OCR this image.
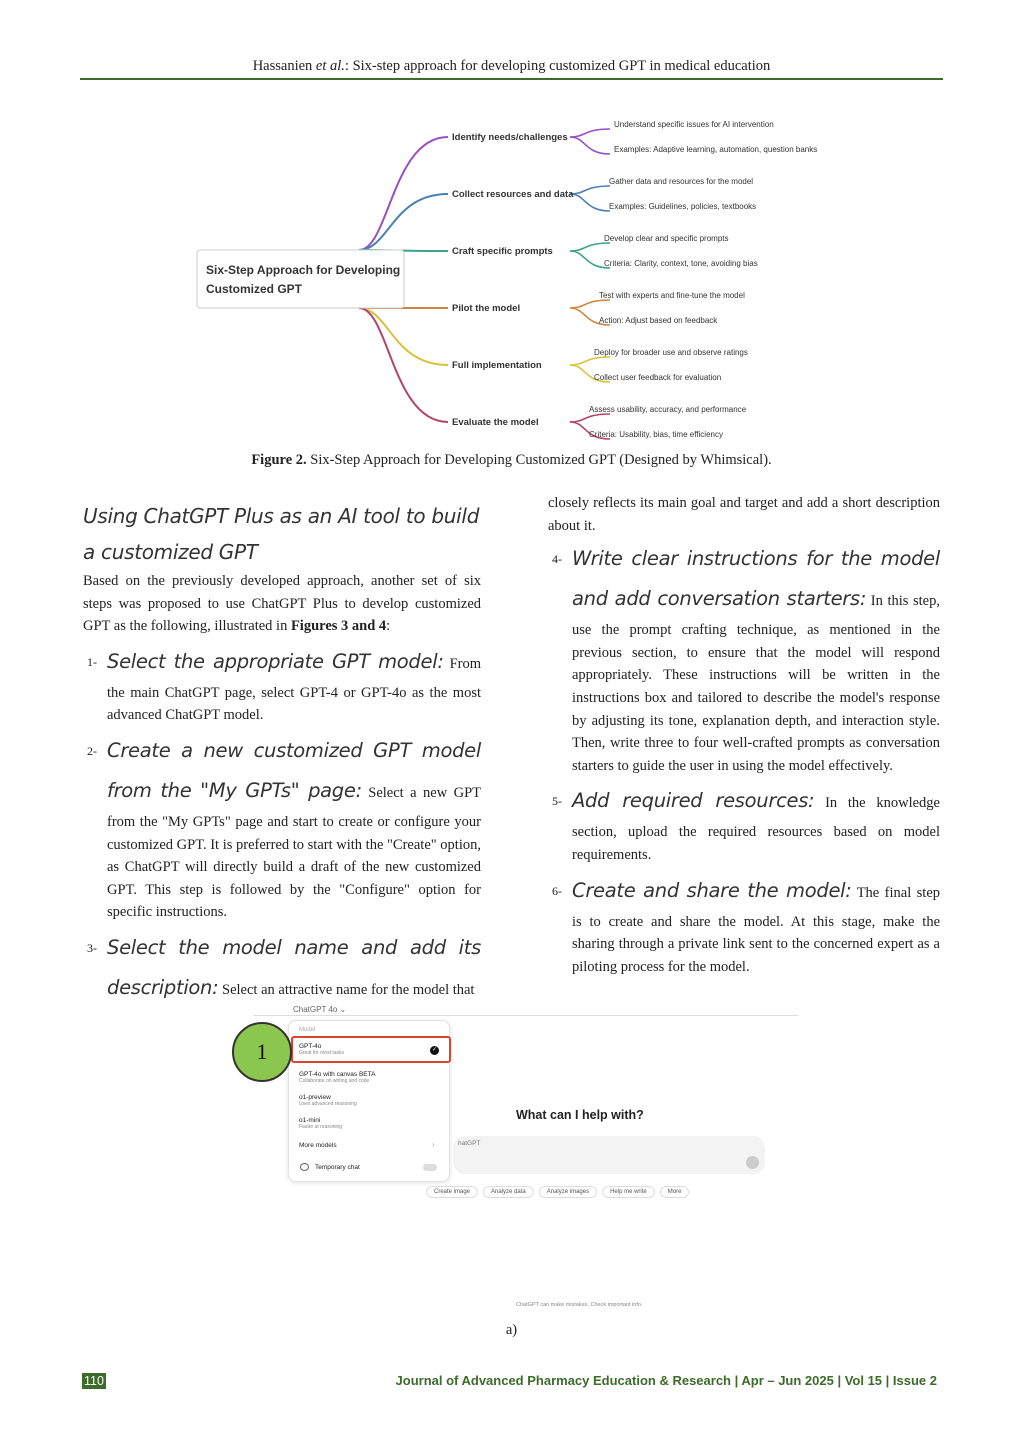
Hassanien et al.: Six-step approach for developing customized GPT in medical education
Six-Step Approach for Developing
Customized GPT
Identify needs/challenges
Understand specific issues for AI intervention
Examples: Adaptive learning, automation, question banks
Collect resources and data
Gather data and resources for the model
Examples: Guidelines, policies, textbooks
Craft specific prompts
Develop clear and specific prompts
Criteria: Clarity, context, tone, avoiding bias
Pilot the model
Test with experts and fine-tune the model
Action: Adjust based on feedback
Full implementation
Deploy for broader use and observe ratings
Collect user feedback for evaluation
Evaluate the model
Assess usability, accuracy, and performance
Criteria: Usability, bias, time efficiency
Figure 2. Six-Step Approach for Developing Customized GPT (Designed by Whimsical).
Using ChatGPT Plus as an AI tool to build a customized GPT

Based on the previously developed approach, another set of six steps was proposed to use ChatGPT Plus to develop customized GPT as the following, illustrated in Figures 3 and 4:

1- Select the appropriate GPT model: From the main ChatGPT page, select GPT-4 or GPT-4o as the most advanced ChatGPT model.
2- Create a new customized GPT model from the "My GPTs" page: Select a new GPT from the "My GPTs" page and start to create or configure your customized GPT. It is preferred to start with the "Create" option, as ChatGPT will directly build a draft of the new customized GPT. This step is followed by the "Configure" option for specific instructions.
3- Select the model name and add its description: Select an attractive name for the model that

closely reflects its main goal and target and add a short description about it.

4- Write clear instructions for the model and add conversation starters: In this step, use the prompt crafting technique, as mentioned in the previous section, to ensure that the model will respond appropriately. These instructions will be written in the instructions box and tailored to describe the model's response by adjusting its tone, explanation depth, and interaction style. Then, write three to four well-crafted prompts as conversation starters to guide the user in using the model effectively.
5- Add required resources: In the knowledge section, upload the required resources based on model requirements.
6- Create and share the model: The final step is to create and share the model. At this stage, make the sharing through a private link sent to the concerned expert as a piloting process for the model.
ChatGPT 4o ⌄
Model
GPT-4o
Great for most tasks	✓
GPT-4o with canvas BETA
Collaborate on writing and code
o1-preview
Uses advanced reasoning
o1-mini
Faster at reasoning
More models	›
Temporary chat
1
What can I help with?
hatGPT
Create image	Analyze data	Analyze images	Help me write	More
ChatGPT can make mistakes. Check important info.
a)
110	Journal of Advanced Pharmacy Education & Research | Apr – Jun 2025 | Vol 15 | Issue 2
